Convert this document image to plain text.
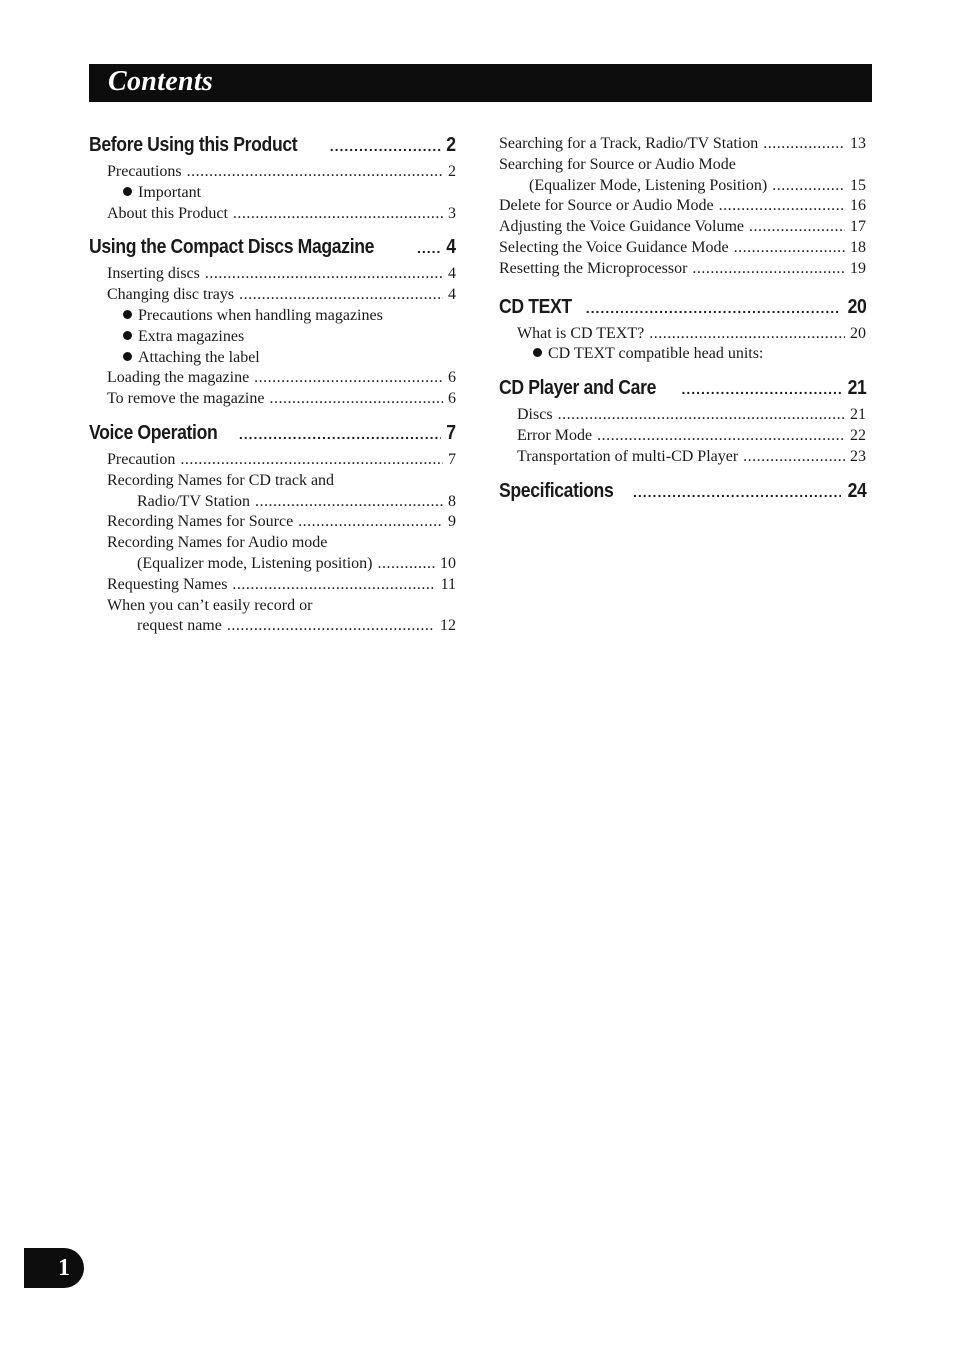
Contents
Before Using this Product .....	2
Precautions .....	2
Important
About this Product .....	3
Using the Compact Discs Magazine .....	4
Inserting discs .....	4
Changing disc trays .....	4
Precautions when handling magazines
Extra magazines
Attaching the label
Loading the magazine .....	6
To remove the magazine .....	6
Voice Operation .....	7
Precaution .....	7
Recording Names for CD track and
Radio/TV Station .....	8
Recording Names for Source .....	9
Recording Names for Audio mode
(Equalizer mode, Listening position) .....	10
Requesting Names .....	11
When you can’t easily record or
request name .....	12
Searching for a Track, Radio/TV Station .....	13
Searching for Source or Audio Mode
(Equalizer Mode, Listening Position) .....	15
Delete for Source or Audio Mode .....	16
Adjusting the Voice Guidance Volume .....	17
Selecting the Voice Guidance Mode .....	18
Resetting the Microprocessor .....	19
CD TEXT .....	20
What is CD TEXT? .....	20
CD TEXT compatible head units:
CD Player and Care .....	21
Discs .....	21
Error Mode .....	22
Transportation of multi-CD Player .....	23
Specifications .....	24
1
